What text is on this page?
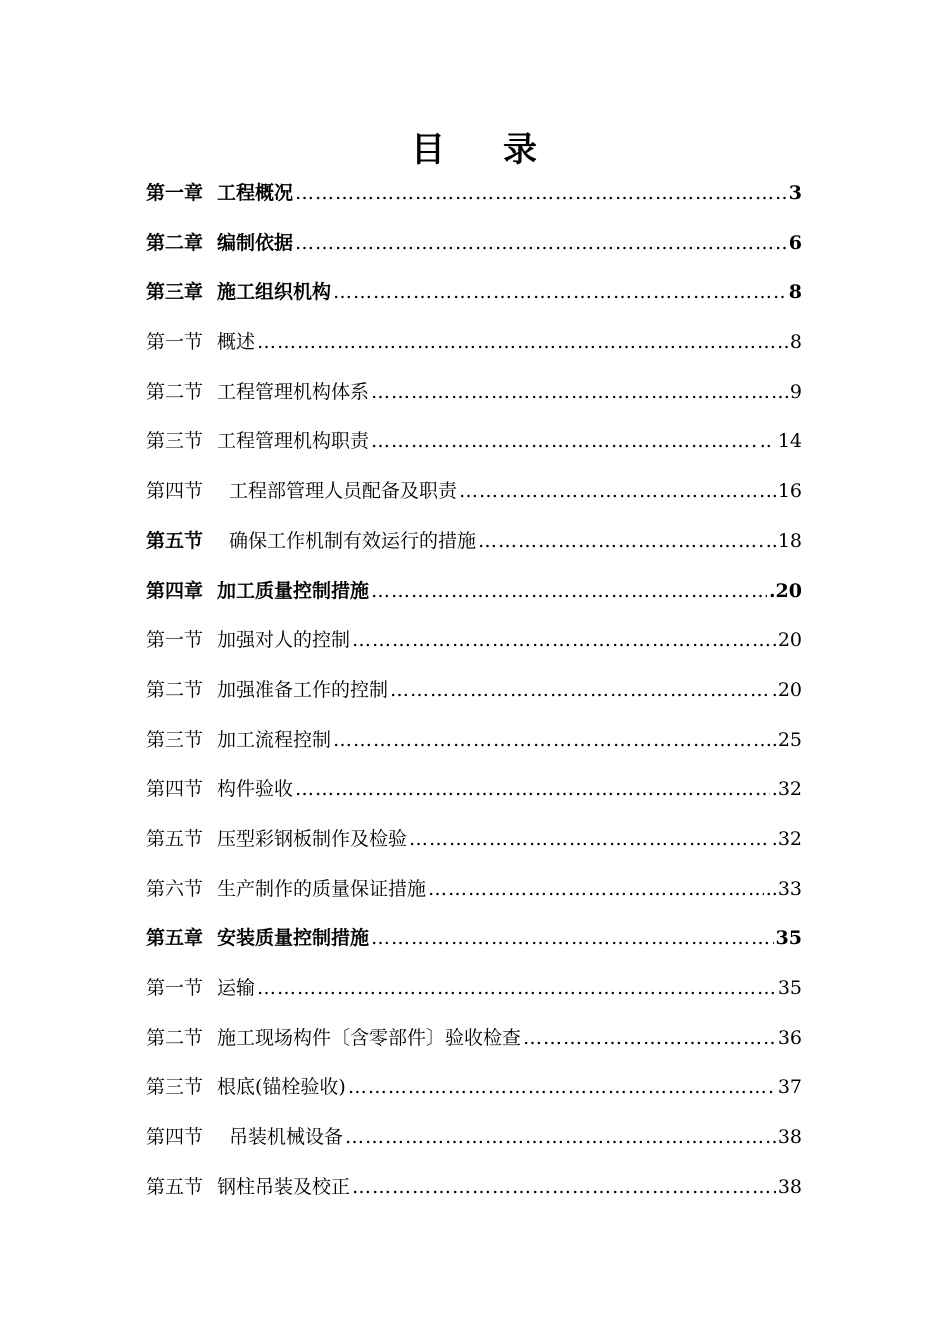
目 录
第一章 工程概况 ……………………………………………………………………………………………………………………………………	3
第二章 编制依据 ……………………………………………………………………………………………………………………………………	6
第三章 施工组织机构 ……………………………………………………………………………………………………………………………………	8
第一节 概述 ……………………………………………………………………………………………………………………………………	8
第二节 工程管理机构体系 ……………………………………………………………………………………………………………………………………	9
第三节 工程管理机构职责 ……………………………………………………………………………………………………………………………………	.. 14
第四节 工程部管理人员配备及职责 ……………………………………………………………………………………………………………………………………	..16
第五节 确保工作机制有效运行的措施 ……………………………………………………………………………………………………………………………………	..18
第四章 加工质量控制措施 ……………………………………………………………………………………………………………………………………	.20
第一节 加强对人的控制 ……………………………………………………………………………………………………………………………………	.20
第二节 加强准备工作的控制 ……………………………………………………………………………………………………………………………………	.20
第三节 加工流程控制 ……………………………………………………………………………………………………………………………………	.25
第四节 构件验收 ……………………………………………………………………………………………………………………………………	.32
第五节 压型彩钢板制作及检验 ……………………………………………………………………………………………………………………………………	.32
第六节 生产制作的质量保证措施 ……………………………………………………………………………………………………………………………………	..33
第五章 安装质量控制措施 ……………………………………………………………………………………………………………………………………	35
第一节 运输 ……………………………………………………………………………………………………………………………………	35
第二节 施工现场构件〔含零部件〕验收检查 ……………………………………………………………………………………………………………………………………	36
第三节 根底(锚栓验收) ……………………………………………………………………………………………………………………………………	37
第四节 吊装机械设备 ……………………………………………………………………………………………………………………………………	38
第五节 钢柱吊装及校正 ……………………………………………………………………………………………………………………………………	38
